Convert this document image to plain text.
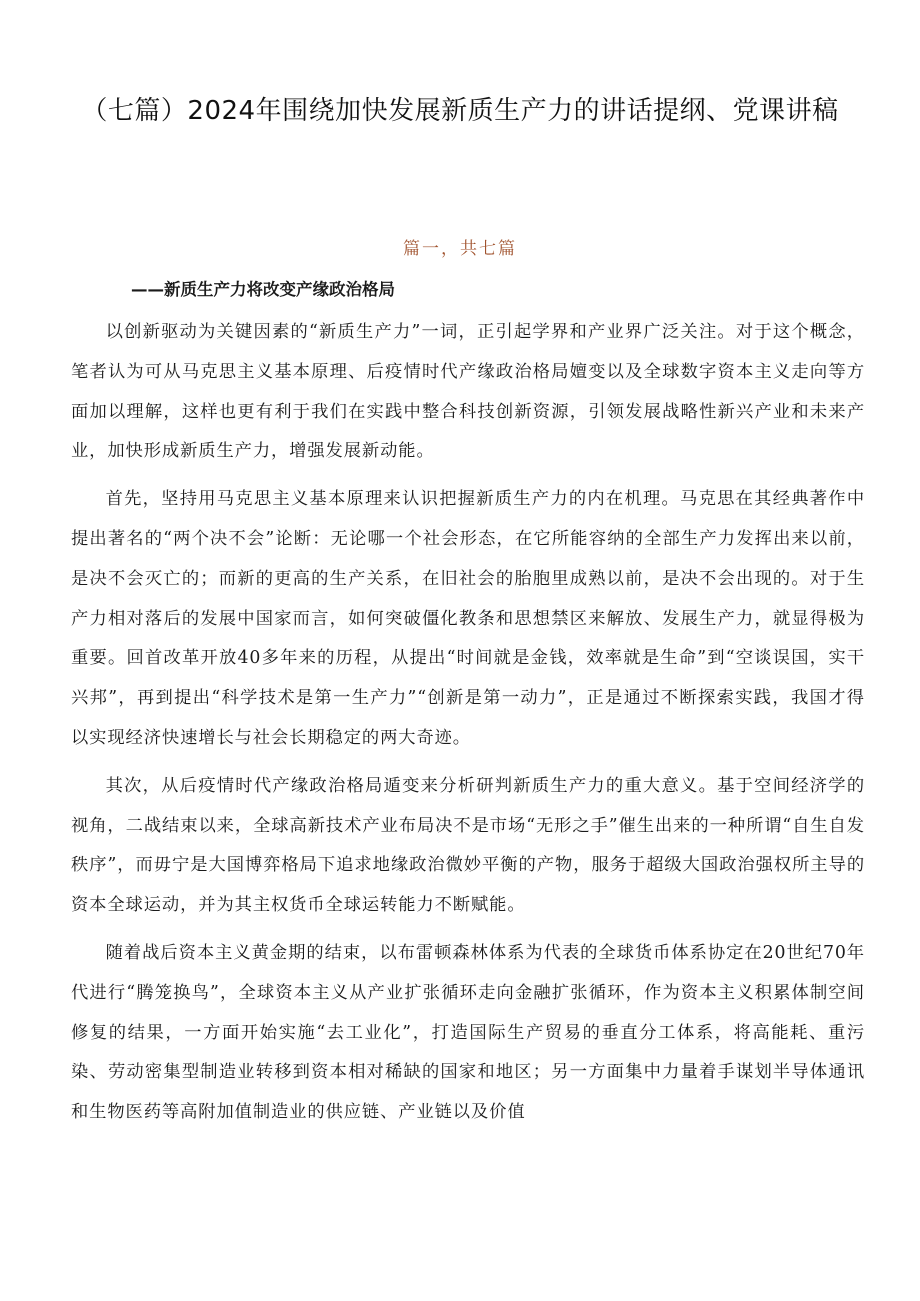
（七篇）2024年围绕加快发展新质生产力的讲话提纲、党课讲稿
篇一，共七篇
——新质生产力将改变产缘政治格局

以创新驱动为关键因素的“新质生产力”一词，正引起学界和产业界广泛关注。对于这个概念，笔者认为可从马克思主义基本原理、后疫情时代产缘政治格局嬗变以及全球数字资本主义走向等方面加以理解，这样也更有利于我们在实践中整合科技创新资源，引领发展战略性新兴产业和未来产业，加快形成新质生产力，增强发展新动能。

首先，坚持用马克思主义基本原理来认识把握新质生产力的内在机理。马克思在其经典著作中提出著名的“两个决不会”论断：无论哪一个社会形态，在它所能容纳的全部生产力发挥出来以前，是决不会灭亡的；而新的更高的生产关系，在旧社会的胎胞里成熟以前，是决不会出现的。对于生产力相对落后的发展中国家而言，如何突破僵化教条和思想禁区来解放、发展生产力，就显得极为重要。回首改革开放40多年来的历程，从提出“时间就是金钱，效率就是生命”到“空谈误国，实干兴邦”，再到提出“科学技术是第一生产力”“创新是第一动力”，正是通过不断探索实践，我国才得以实现经济快速增长与社会长期稳定的两大奇迹。

其次，从后疫情时代产缘政治格局遁变来分析研判新质生产力的重大意义。基于空间经济学的视角，二战结束以来，全球高新技术产业布局决不是市场“无形之手”催生出来的一种所谓“自生自发秩序”，而毋宁是大国博弈格局下追求地缘政治微妙平衡的产物，服务于超级大国政治强权所主导的资本全球运动，并为其主权货币全球运转能力不断赋能。

随着战后资本主义黄金期的结束，以布雷顿森林体系为代表的全球货币体系协定在20世纪70年代进行“腾笼换鸟”，全球资本主义从产业扩张循环走向金融扩张循环，作为资本主义积累体制空间修复的结果，一方面开始实施“去工业化”，打造国际生产贸易的垂直分工体系，将高能耗、重污染、劳动密集型制造业转移到资本相对稀缺的国家和地区；另一方面集中力量着手谋划半导体通讯和生物医药等高附加值制造业的供应链、产业链以及价值
